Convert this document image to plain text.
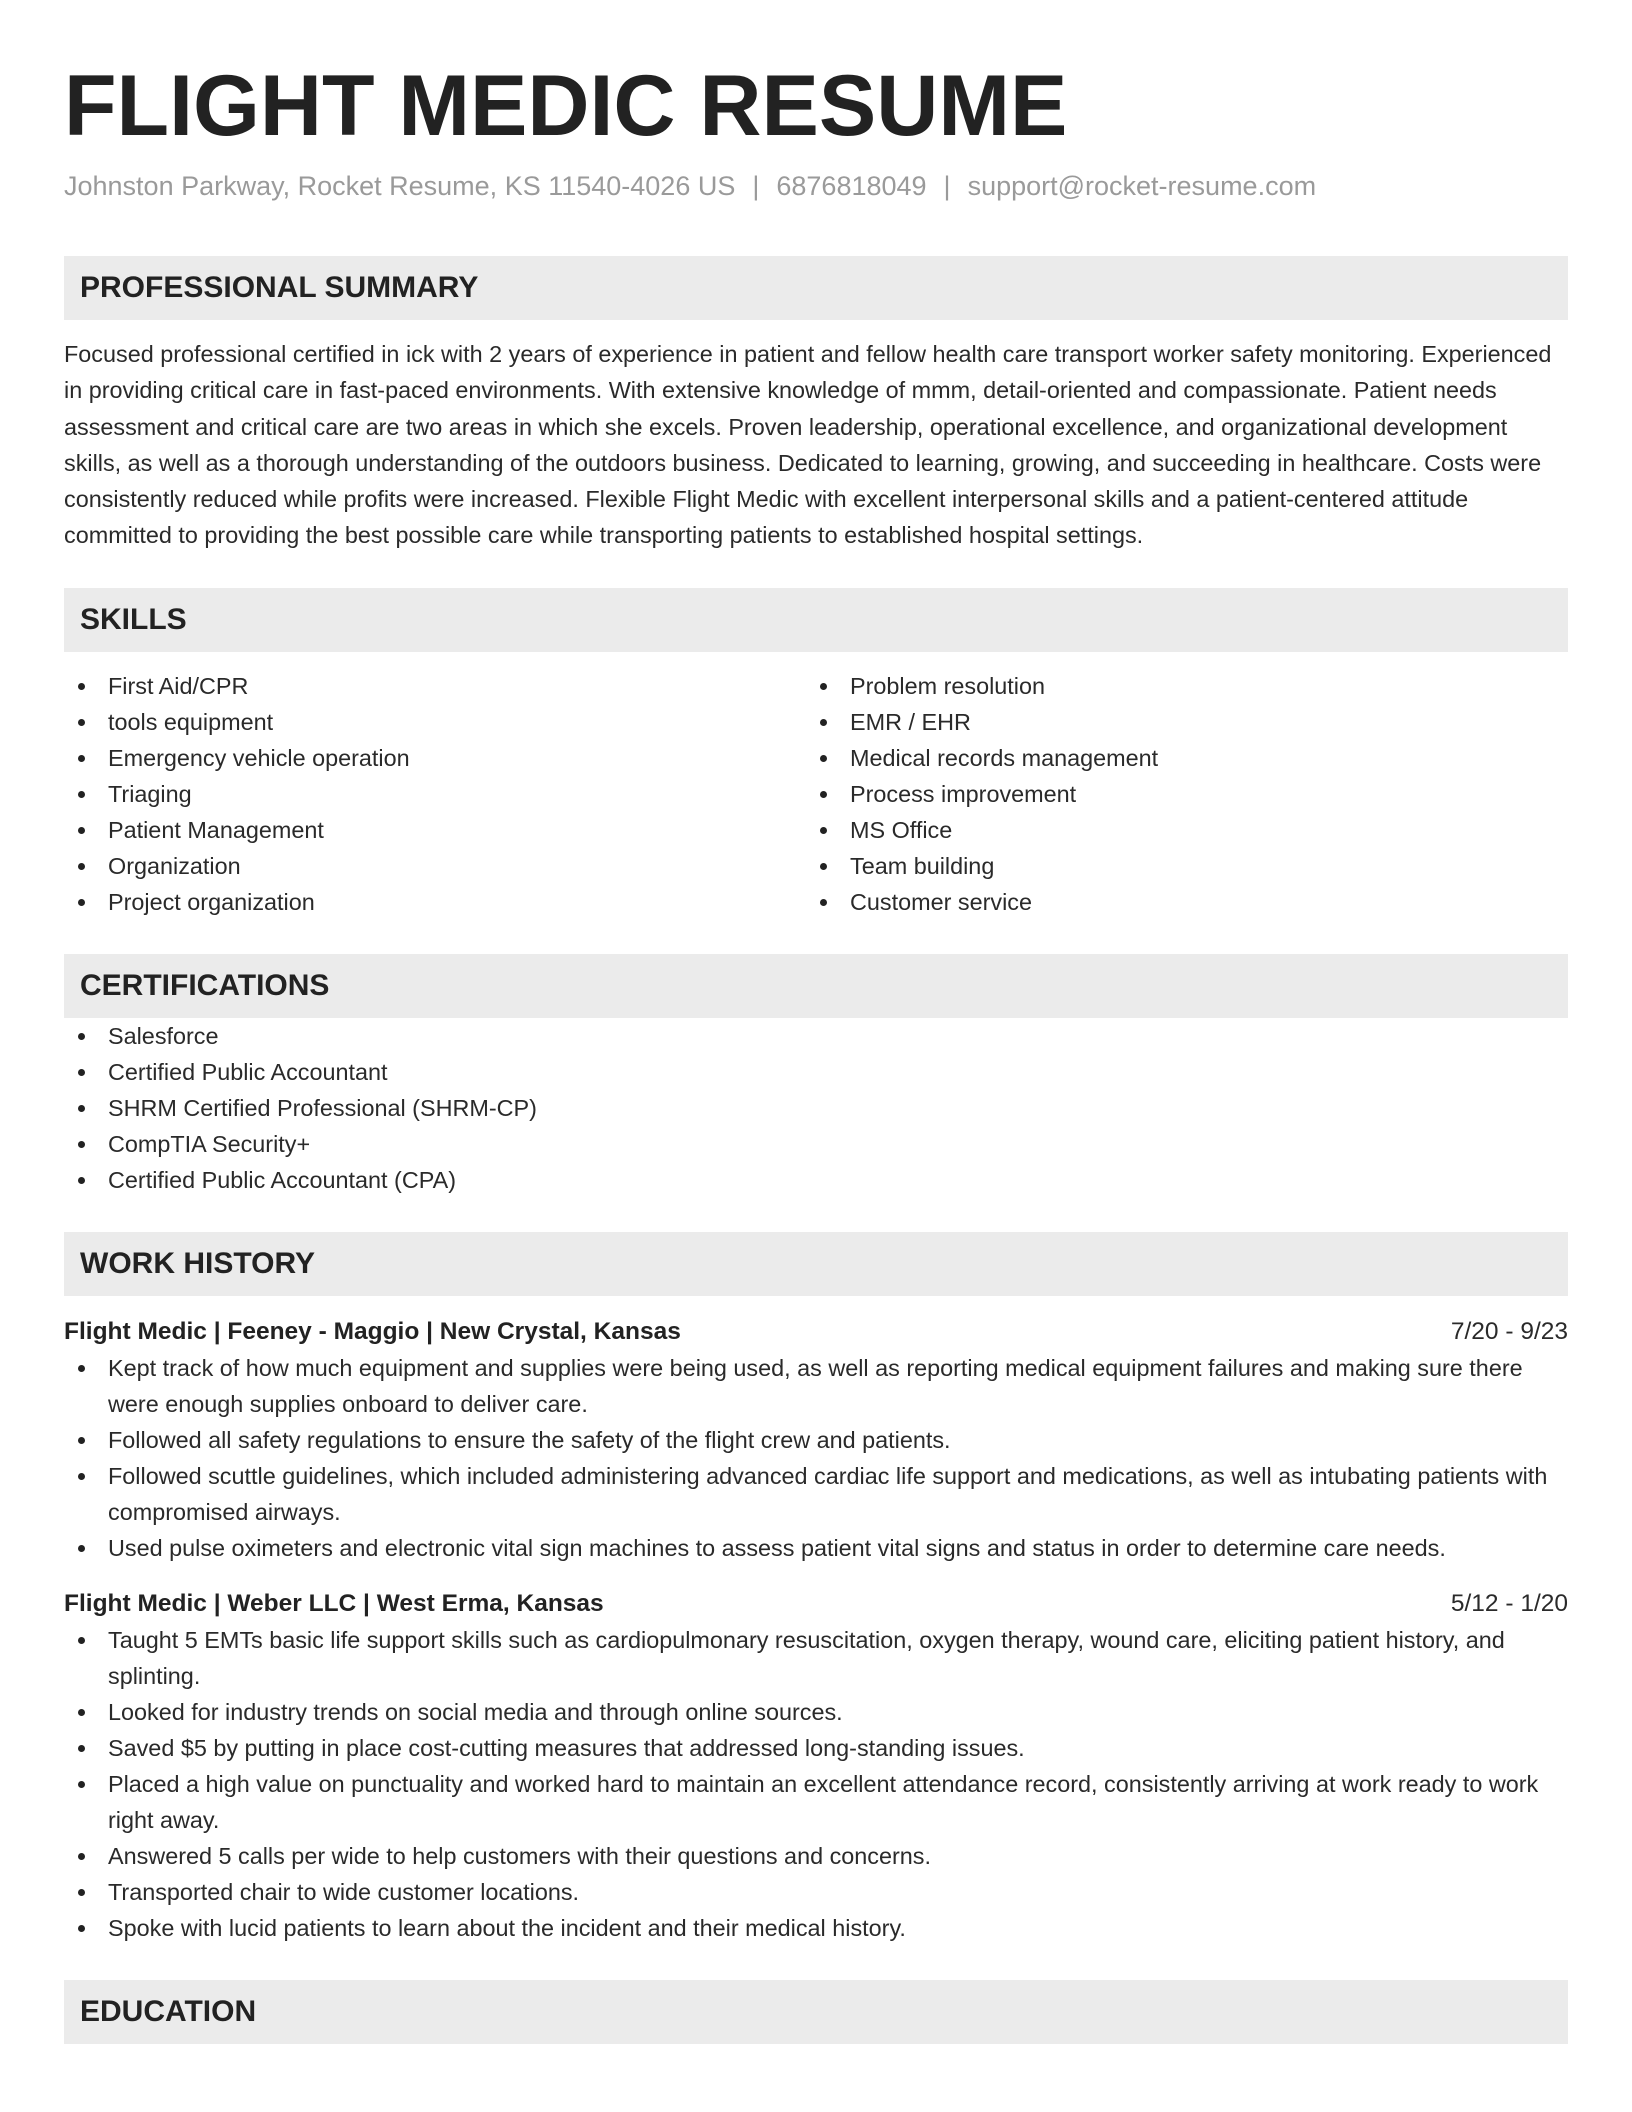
FLIGHT MEDIC RESUME
Johnston Parkway, Rocket Resume, KS 11540-4026 US | 6876818049 | support@rocket-resume.com
PROFESSIONAL SUMMARY
Focused professional certified in ick with 2 years of experience in patient and fellow health care transport worker safety monitoring. Experienced in providing critical care in fast-paced environments. With extensive knowledge of mmm, detail-oriented and compassionate. Patient needs assessment and critical care are two areas in which she excels. Proven leadership, operational excellence, and organizational development skills, as well as a thorough understanding of the outdoors business. Dedicated to learning, growing, and succeeding in healthcare. Costs were consistently reduced while profits were increased. Flexible Flight Medic with excellent interpersonal skills and a patient-centered attitude committed to providing the best possible care while transporting patients to established hospital settings.
SKILLS
First Aid/CPR
tools equipment
Emergency vehicle operation
Triaging
Patient Management
Organization
Project organization
Problem resolution
EMR / EHR
Medical records management
Process improvement
MS Office
Team building
Customer service
CERTIFICATIONS
Salesforce
Certified Public Accountant
SHRM Certified Professional (SHRM-CP)
CompTIA Security+
Certified Public Accountant (CPA)
WORK HISTORY
Flight Medic | Feeney - Maggio | New Crystal, Kansas	7/20 - 9/23
Kept track of how much equipment and supplies were being used, as well as reporting medical equipment failures and making sure there were enough supplies onboard to deliver care.
Followed all safety regulations to ensure the safety of the flight crew and patients.
Followed scuttle guidelines, which included administering advanced cardiac life support and medications, as well as intubating patients with compromised airways.
Used pulse oximeters and electronic vital sign machines to assess patient vital signs and status in order to determine care needs.
Flight Medic | Weber LLC | West Erma, Kansas	5/12 - 1/20
Taught 5 EMTs basic life support skills such as cardiopulmonary resuscitation, oxygen therapy, wound care, eliciting patient history, and splinting.
Looked for industry trends on social media and through online sources.
Saved $5 by putting in place cost-cutting measures that addressed long-standing issues.
Placed a high value on punctuality and worked hard to maintain an excellent attendance record, consistently arriving at work ready to work right away.
Answered 5 calls per wide to help customers with their questions and concerns.
Transported chair to wide customer locations.
Spoke with lucid patients to learn about the incident and their medical history.
EDUCATION
